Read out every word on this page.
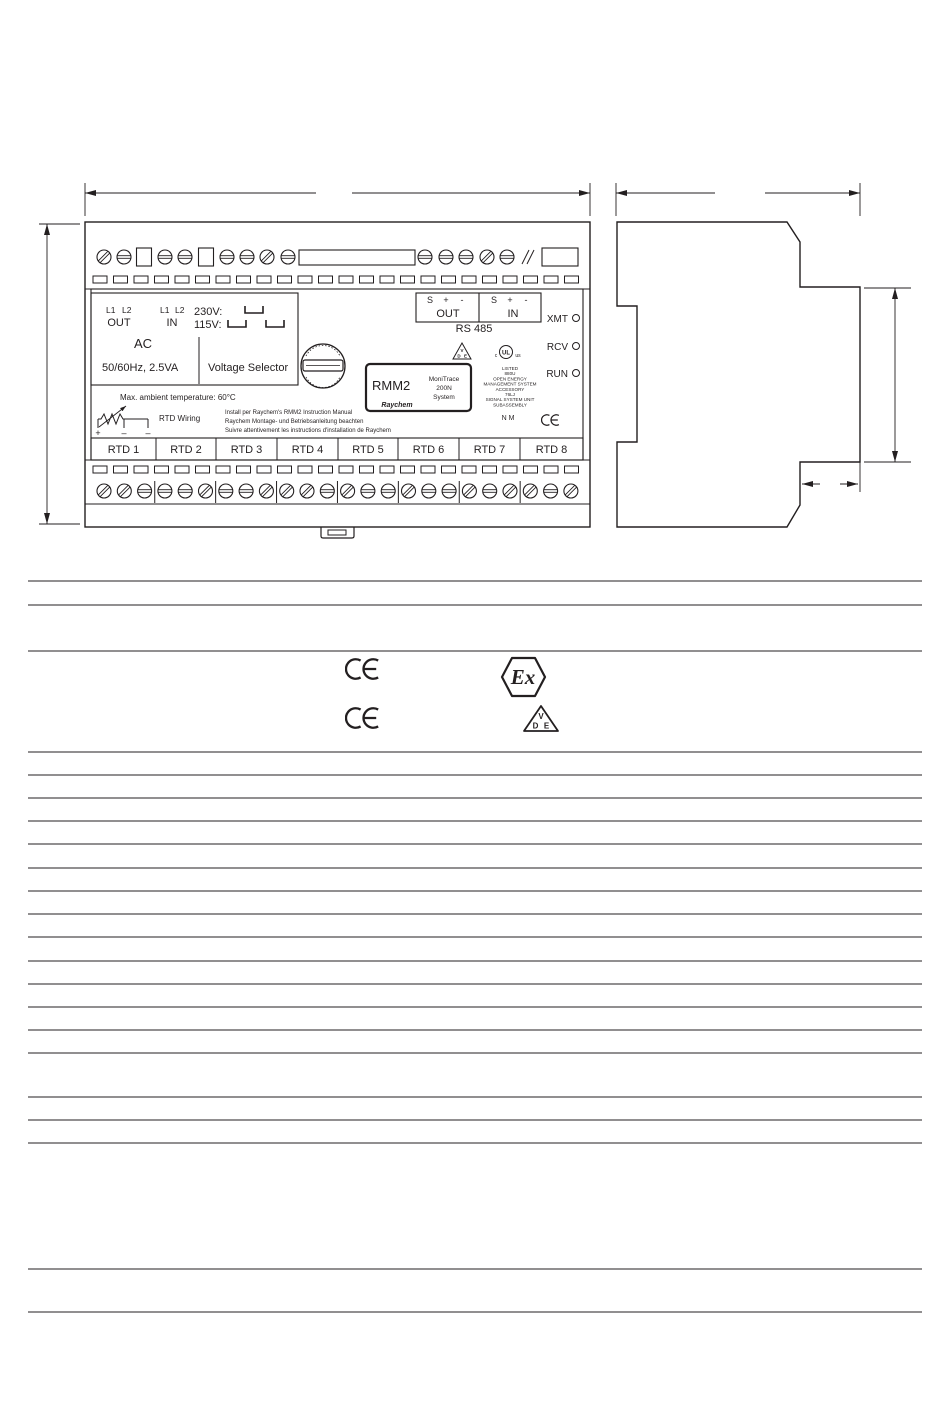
L1 L2
OUT
L1 L2
IN
230V:
115V:
AC
50/60Hz, 2.5VA	Voltage Selector
S + -
OUT
S + -
IN
RS 485
XMT
RCV
RUN
V
D E	UL
c	us
LISTED
880U
OPEN ENERGY
MANAGEMENT SYSTEM
ACCESSORY
76LJ
SIGNAL SYSTEM UNIT
SUBASSEMBLY
N M
RMM2	MoniTrace
200N
System
Raychem
Max. ambient temperature: 60°C
+ – –
RTD Wiring
Install per Raychem's RMM2 Instruction Manual
Raychem Montage- und Betriebsanleitung beachten
Suivre attentivement les instructions d'installation de Raychem
RTD 1	RTD 2	RTD 3	RTD 4	RTD 5	RTD 6	RTD 7	RTD 8
Ex
V
D E
